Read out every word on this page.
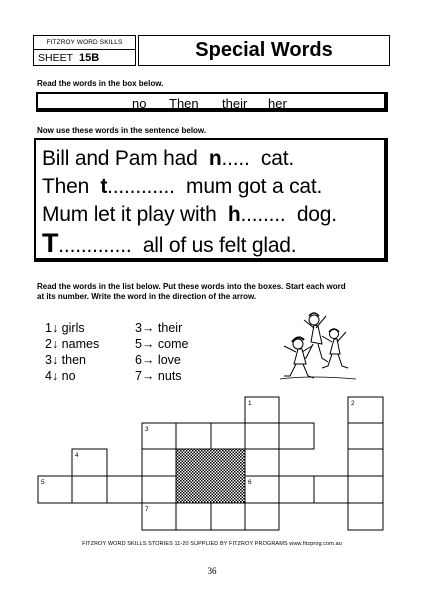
FITZROY WORD SKILLS
SHEET 15B	Special Words
Read the words in the box below.
no Then their her
Now use these words in the sentence below.
Bill and Pam had  n.....  cat.
Then  t............  mum got a cat.
Mum let it play with  h........  dog.
T.............  all of us felt glad.
Read the words in the list below. Put these words into the boxes. Start each word
at its number. Write the word in the direction of the arrow.
1↓ girls
2↓ names
3↓ then
4↓ no
3→ their
5→ come
6→ love
7→ nuts
1	2
3
4
5	6
7
FITZROY WORD SKILLS STORIES 11-20 SUPPLIED BY FITZROY PROGRAMS www.fitzprog.com.au
36
